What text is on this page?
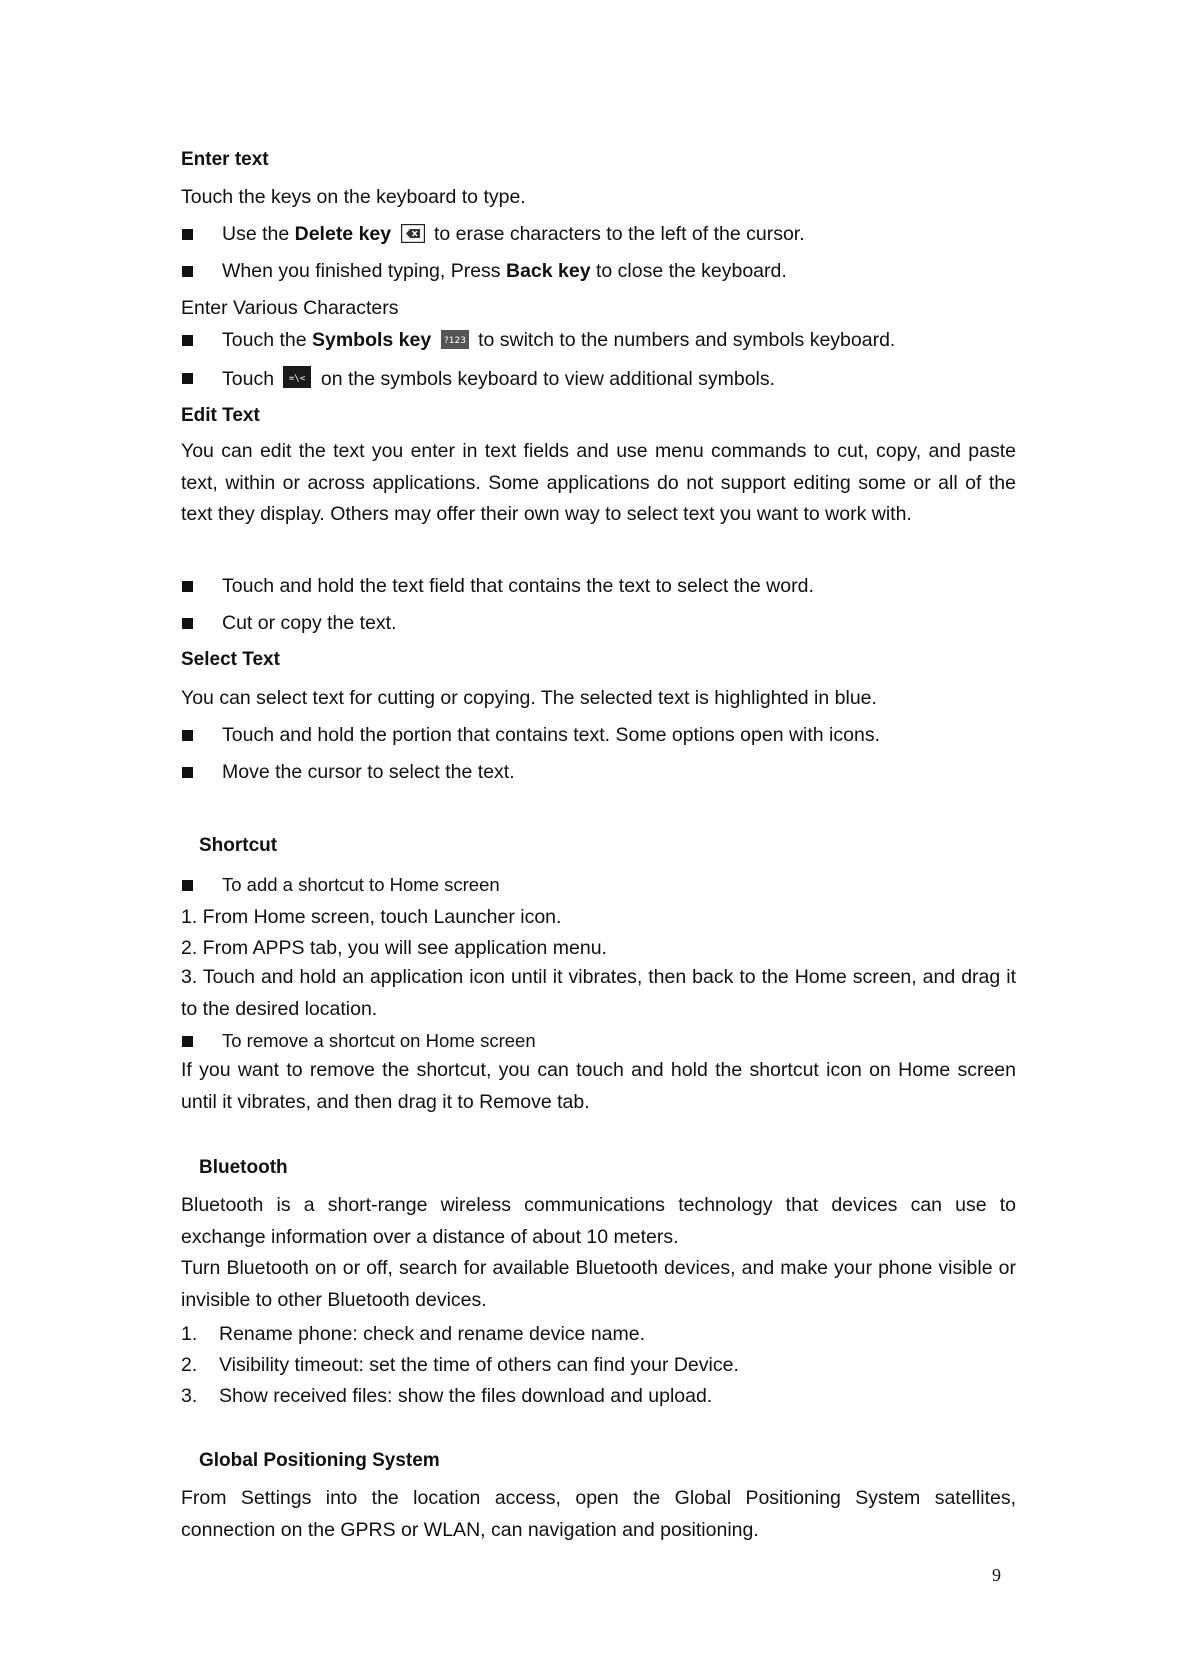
Enter text
Touch the keys on the keyboard to type.
Use the Delete key to erase characters to the left of the cursor.
When you finished typing, Press Back key to close the keyboard.
Enter Various Characters
Touch the Symbols key ?123 to switch to the numbers and symbols keyboard.
Touch =\< on the symbols keyboard to view additional symbols.
Edit Text
You can edit the text you enter in text fields and use menu commands to cut, copy, and paste text, within or across applications. Some applications do not support editing some or all of the text they display. Others may offer their own way to select text you want to work with.
Touch and hold the text field that contains the text to select the word.
Cut or copy the text.
Select Text
You can select text for cutting or copying. The selected text is highlighted in blue.
Touch and hold the portion that contains text. Some options open with icons.
Move the cursor to select the text.
Shortcut
To add a shortcut to Home screen
1. From Home screen, touch Launcher icon.
2. From APPS tab, you will see application menu.
3. Touch and hold an application icon until it vibrates, then back to the Home screen, and drag it to the desired location.
To remove a shortcut on Home screen
If you want to remove the shortcut, you can touch and hold the shortcut icon on Home screen until it vibrates, and then drag it to Remove tab.
Bluetooth
Bluetooth is a short-range wireless communications technology that devices can use to exchange information over a distance of about 10 meters.
Turn Bluetooth on or off, search for available Bluetooth devices, and make your phone visible or invisible to other Bluetooth devices.
1. Rename phone: check and rename device name.
2. Visibility timeout: set the time of others can find your Device.
3. Show received files: show the files download and upload.
Global Positioning System
From Settings into the location access, open the Global Positioning System satellites, connection on the GPRS or WLAN, can navigation and positioning.
9
